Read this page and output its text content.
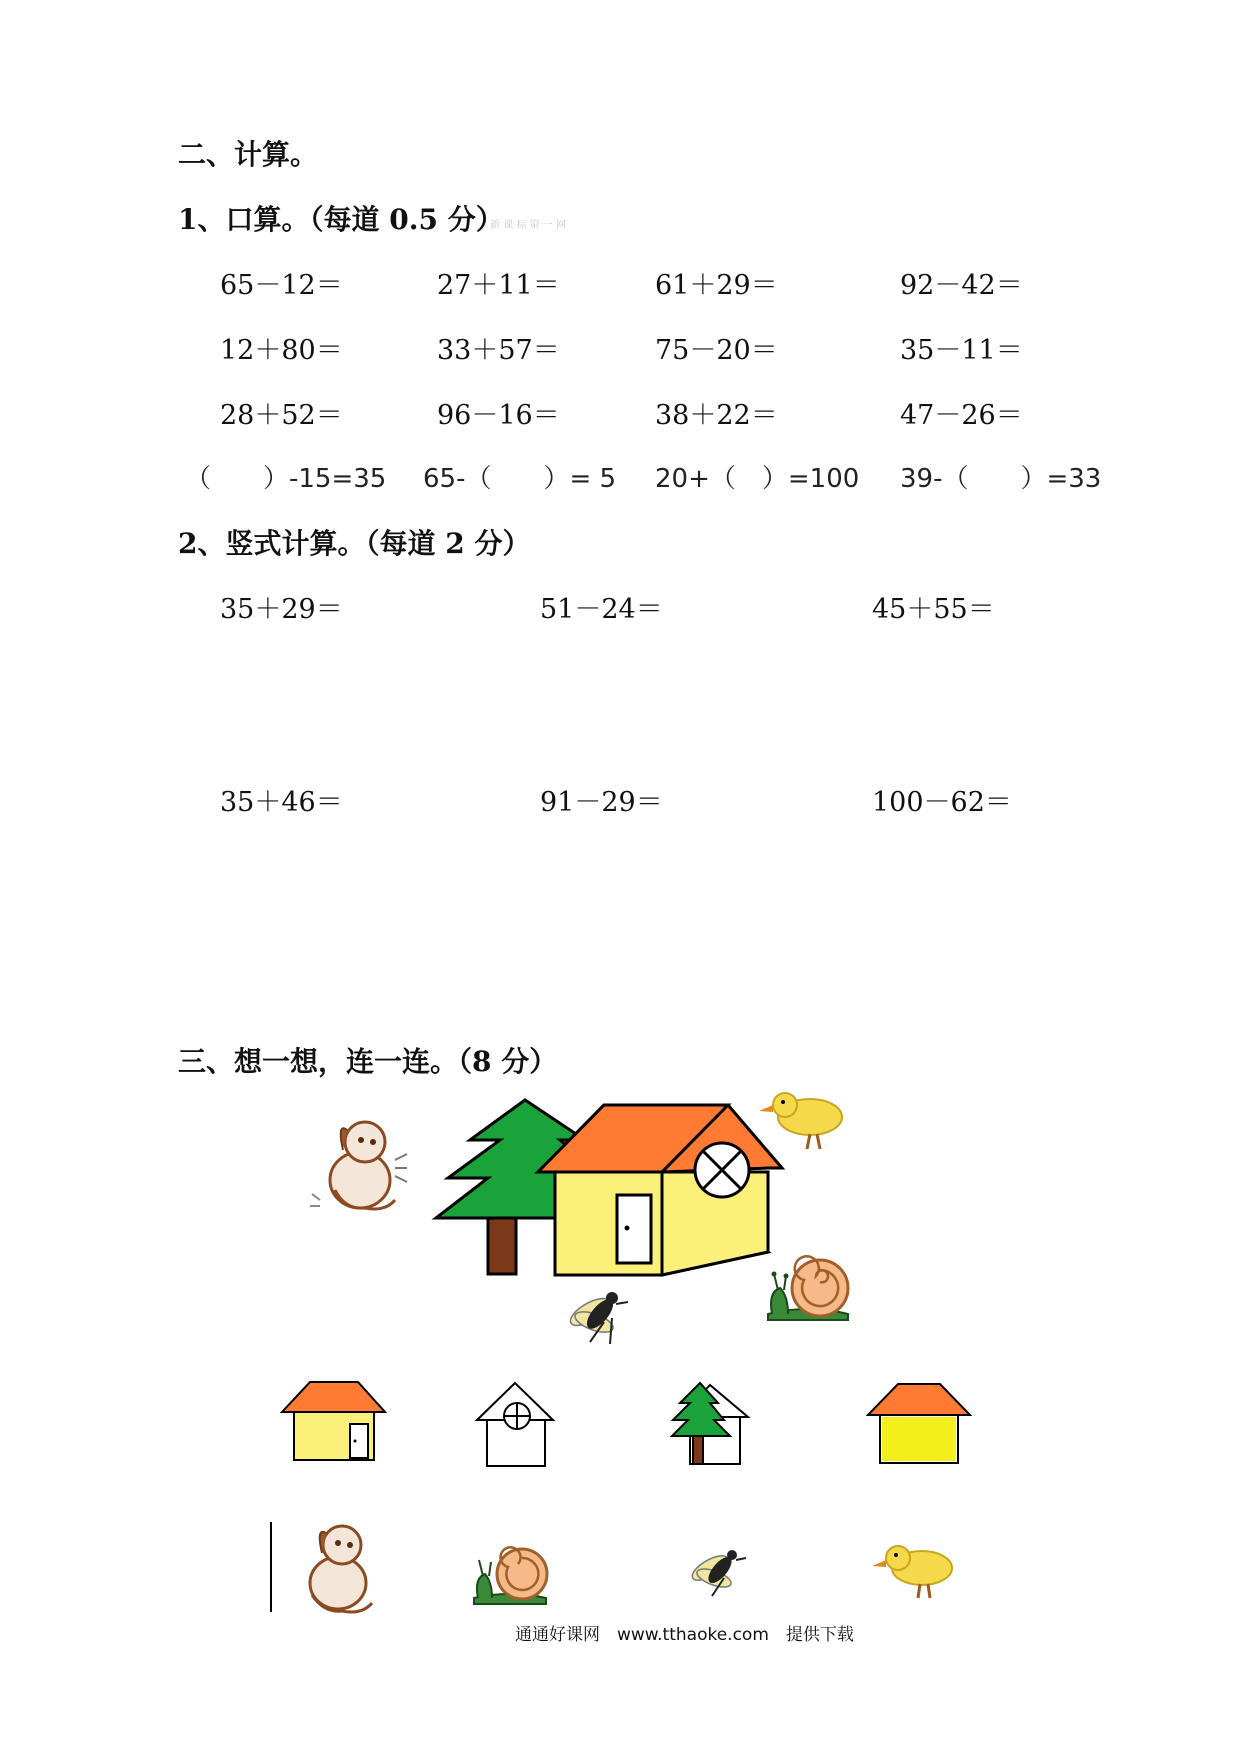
二、计算。
1、口算。（每道 0.5 分）
新 课 标 第 一 网
65－12＝	27＋11＝	61＋29＝	92－42＝
12＋80＝	33＋57＝	75－20＝	35－11＝
28＋52＝	96－16＝	38＋22＝	47－26＝
（　　）-15=35 65-（　　）= 5 20+（　）=100 39-（　　）=33
2、竖式计算。（每道 2 分）
35＋29＝	51－24＝	45＋55＝
35＋46＝	91－29＝	100－62＝
三、想一想，连一连。（8 分）
通通好课网　www.tthaoke.com　提供下载
